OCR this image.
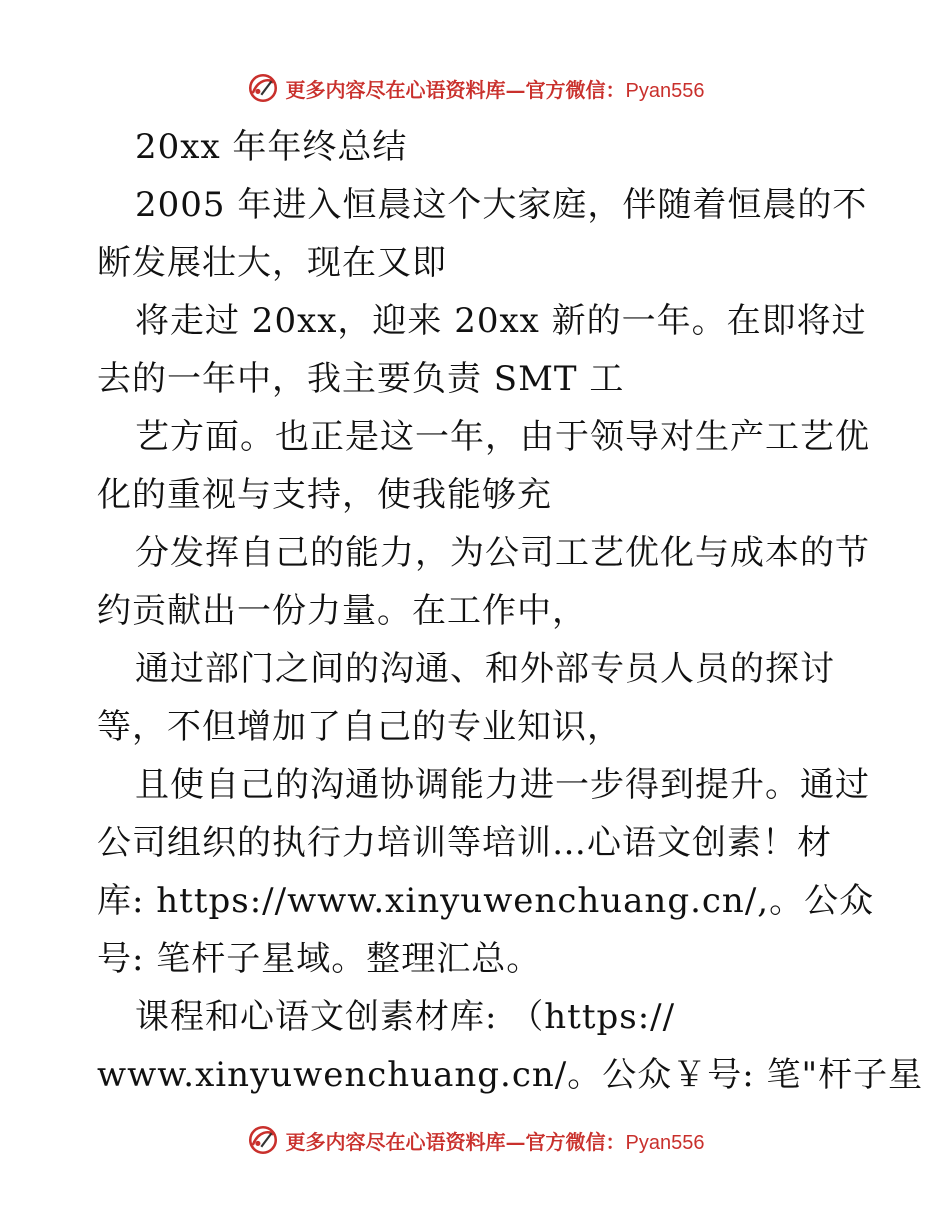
更多内容尽在心语资料库—官方微信：Pyan556
20xx 年年终总结
2005 年进入恒晨这个大家庭，伴随着恒晨的不
断发展壮大，现在又即
将走过 20xx，迎来 20xx 新的一年。在即将过
去的一年中，我主要负责 SMT 工
艺方面。也正是这一年，由于领导对生产工艺优
化的重视与支持，使我能够充
分发挥自己的能力，为公司工艺优化与成本的节
约贡献出一份力量。在工作中，
通过部门之间的沟通、和外部专员人员的探讨
等，不但增加了自己的专业知识，
且使自己的沟通协调能力进一步得到提升。通过
公司组织的执行力培训等培训…心语文创素！材
库: https://www.xinyuwenchuang.cn/,。公众
号: 笔杆子星域。整理汇总。
课程和心语文创素材库: （https://
www.xinyuwenchuang.cn/。公众￥号: 笔"杆子星
更多内容尽在心语资料库—官方微信：Pyan556
